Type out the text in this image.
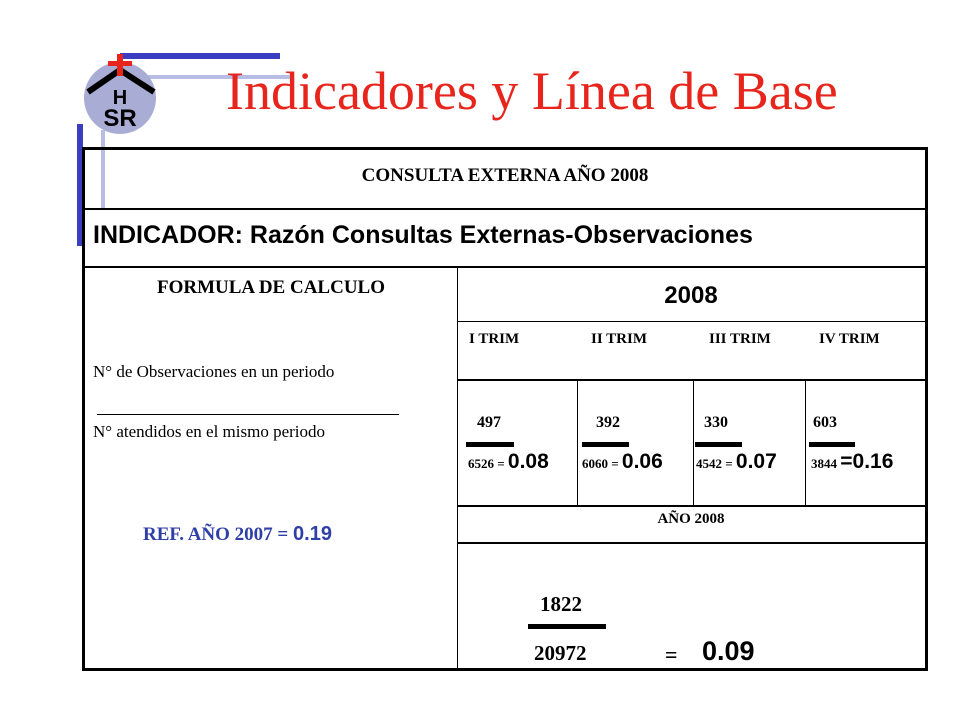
H
SR Indicadores y Línea de Base
CONSULTA EXTERNA AÑO 2008
INDICADOR: Razón Consultas Externas-Observaciones
FORMULA DE CALCULO	2008
I TRIM	II TRIM	III TRIM	IV TRIM
N° de Observaciones en un periodo
N° atendidos en el mismo periodo
REF. AÑO 2007 = 0.19
497	392	330	603
6526 = 0.08	6060 = 0.06	4542 = 0.07	3844 =0.16
AÑO 2008
1822
20972	= 0.09
